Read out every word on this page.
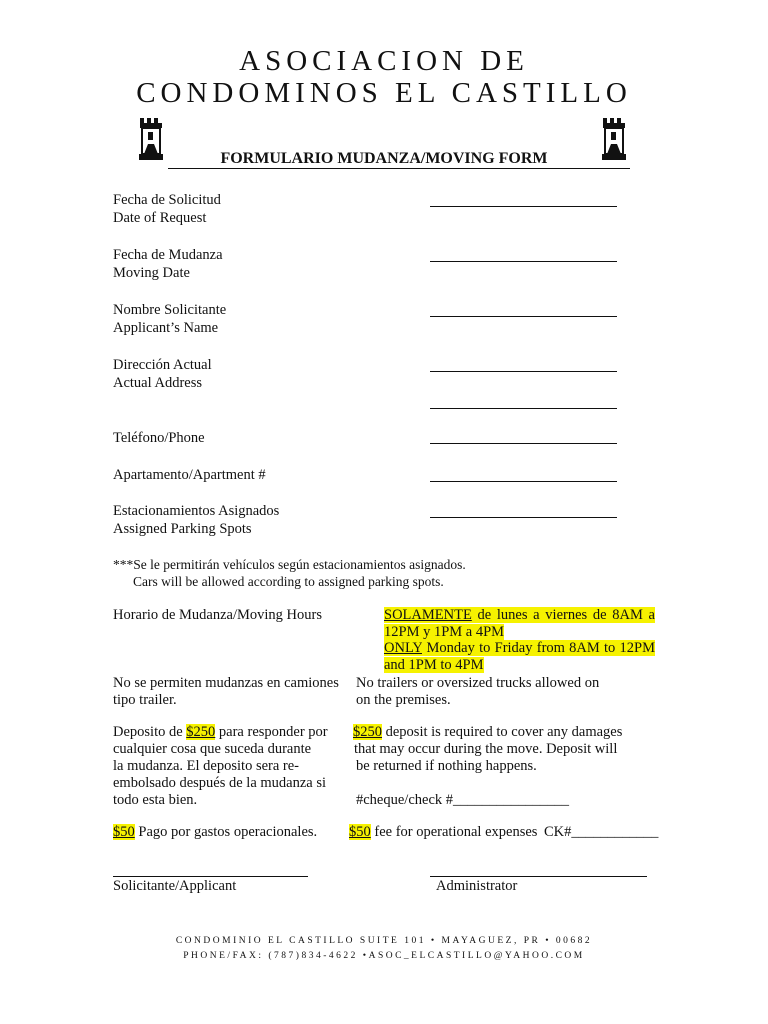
ASOCIACION DE
CONDOMINOS EL CASTILLO
FORMULARIO MUDANZA/MOVING FORM
Fecha de Solicitud
Date of Request
Fecha de Mudanza
Moving Date
Nombre Solicitante
Applicant’s Name
Dirección Actual
Actual Address
Teléfono/Phone
Apartamento/Apartment #
Estacionamientos Asignados
Assigned Parking Spots
***Se le permitirán vehículos según estacionamientos asignados.
Cars will be allowed according to assigned parking spots.
Horario de Mudanza/Moving Hours	SOLAMENTE de lunes a viernes de 8AM a
12PM y 1PM a 4PM
ONLY Monday to Friday from 8AM to 12PM
and 1PM to 4PM
No se permiten mudanzas en camiones
tipo trailer.
No trailers or oversized trucks allowed on
on the premises.
Deposito de $250 para responder por
cualquier cosa que suceda durante
la mudanza. El deposito sera re-
embolsado después de la mudanza si
todo esta bien.
$250 deposit is required to cover any damages
that may occur during the move. Deposit will
be returned if nothing happens.
#cheque/check #________________
$50 Pago por gastos operacionales. $50 fee for operational expenses CK#____________
Solicitante/Applicant	Administrator
CONDOMINIO EL CASTILLO SUITE 101 • MAYAGUEZ, PR • 00682
PHONE/FAX: (787)834-4622 •ASOC_ELCASTILLO@YAHOO.COM
